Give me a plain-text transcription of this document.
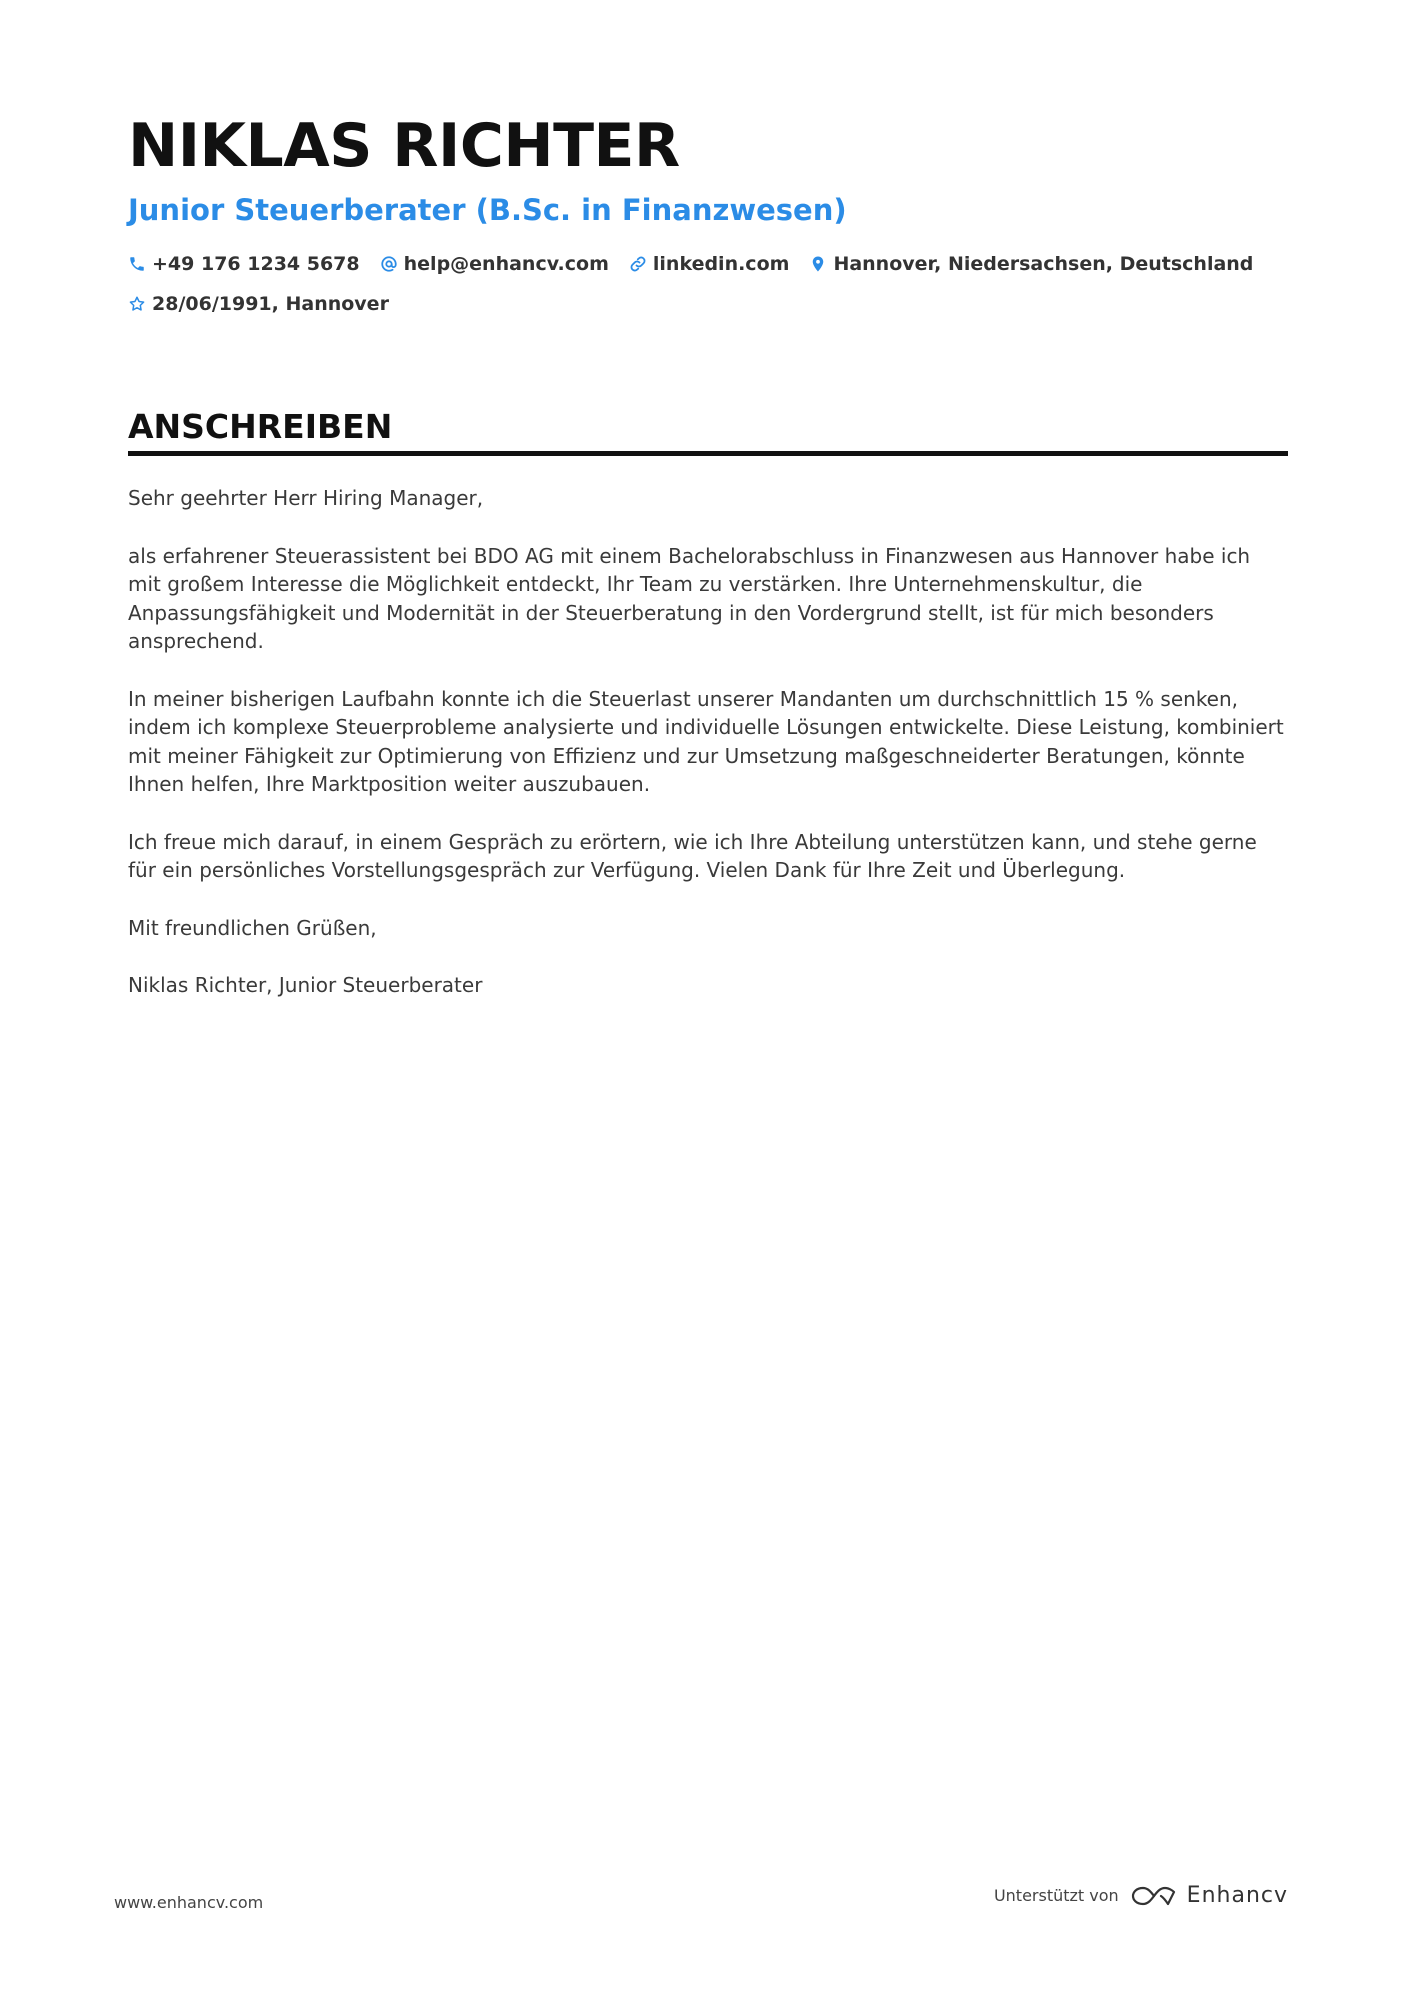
NIKLAS RICHTER
Junior Steuerberater (B.Sc. in Finanzwesen)
+49 176 1234 5678 help@enhancv.com linkedin.com Hannover, Niedersachsen, Deutschland
28/06/1991, Hannover
ANSCHREIBEN

Sehr geehrter Herr Hiring Manager,

als erfahrener Steuerassistent bei BDO AG mit einem Bachelorabschluss in Finanzwesen aus Hannover habe ich mit großem Interesse die Möglichkeit entdeckt, Ihr Team zu verstärken. Ihre Unternehmenskultur, die Anpassungsfähigkeit und Modernität in der Steuerberatung in den Vordergrund stellt, ist für mich besonders ansprechend.

In meiner bisherigen Laufbahn konnte ich die Steuerlast unserer Mandanten um durchschnittlich 15 % senken, indem ich komplexe Steuerprobleme analysierte und individuelle Lösungen entwickelte. Diese Leistung, kombiniert mit meiner Fähigkeit zur Optimierung von Effizienz und zur Umsetzung maßgeschneiderter Beratungen, könnte Ihnen helfen, Ihre Marktposition weiter auszubauen.

Ich freue mich darauf, in einem Gespräch zu erörtern, wie ich Ihre Abteilung unterstützen kann, und stehe gerne für ein persönliches Vorstellungsgespräch zur Verfügung. Vielen Dank für Ihre Zeit und Überlegung.

Mit freundlichen Grüßen,

Niklas Richter, Junior Steuerberater

www.enhancv.com	Unterstützt von	Enhancv
